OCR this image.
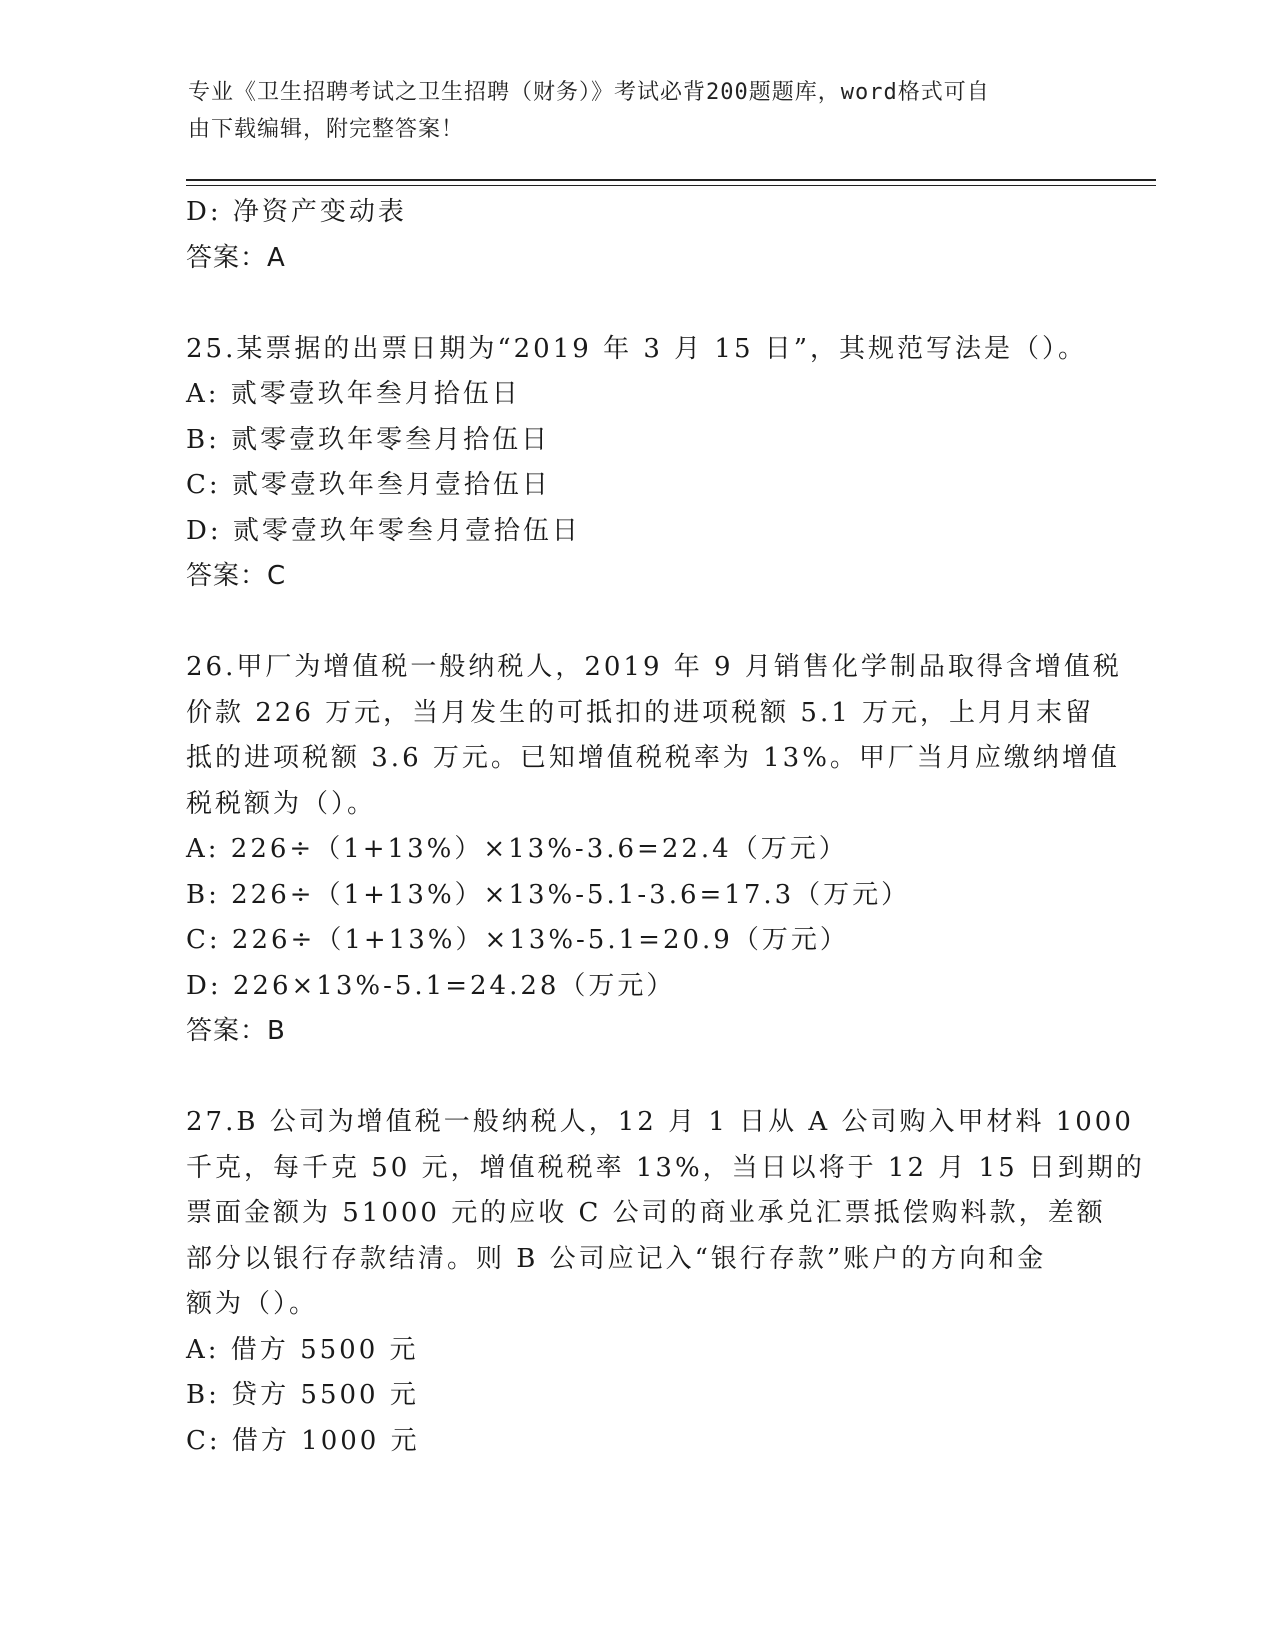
专业《卫生招聘考试之卫生招聘（财务）》考试必背200题题库，word格式可自
由下载编辑，附完整答案！
D: 净资产变动表
答案：A
25.某票据的出票日期为“2019 年 3 月 15 日”，其规范写法是（）。
A: 贰零壹玖年叁月拾伍日
B: 贰零壹玖年零叁月拾伍日
C: 贰零壹玖年叁月壹拾伍日
D: 贰零壹玖年零叁月壹拾伍日
答案：C
26.甲厂为增值税一般纳税人，2019 年 9 月销售化学制品取得含增值税
价款 226 万元，当月发生的可抵扣的进项税额 5.1 万元，上月月末留
抵的进项税额 3.6 万元。已知增值税税率为 13%。甲厂当月应缴纳增值
税税额为（）。
A: 226÷（1+13%）×13%-3.6=22.4（万元）
B: 226÷（1+13%）×13%-5.1-3.6=17.3（万元）
C: 226÷（1+13%）×13%-5.1=20.9（万元）
D: 226×13%-5.1=24.28（万元）
答案：B
27.B 公司为增值税一般纳税人，12 月 1 日从 A 公司购入甲材料 1000
千克，每千克 50 元，增值税税率 13%，当日以将于 12 月 15 日到期的
票面金额为 51000 元的应收 C 公司的商业承兑汇票抵偿购料款，差额
部分以银行存款结清。则 B 公司应记入“银行存款”账户的方向和金
额为（）。
A: 借方 5500 元
B: 贷方 5500 元
C: 借方 1000 元
